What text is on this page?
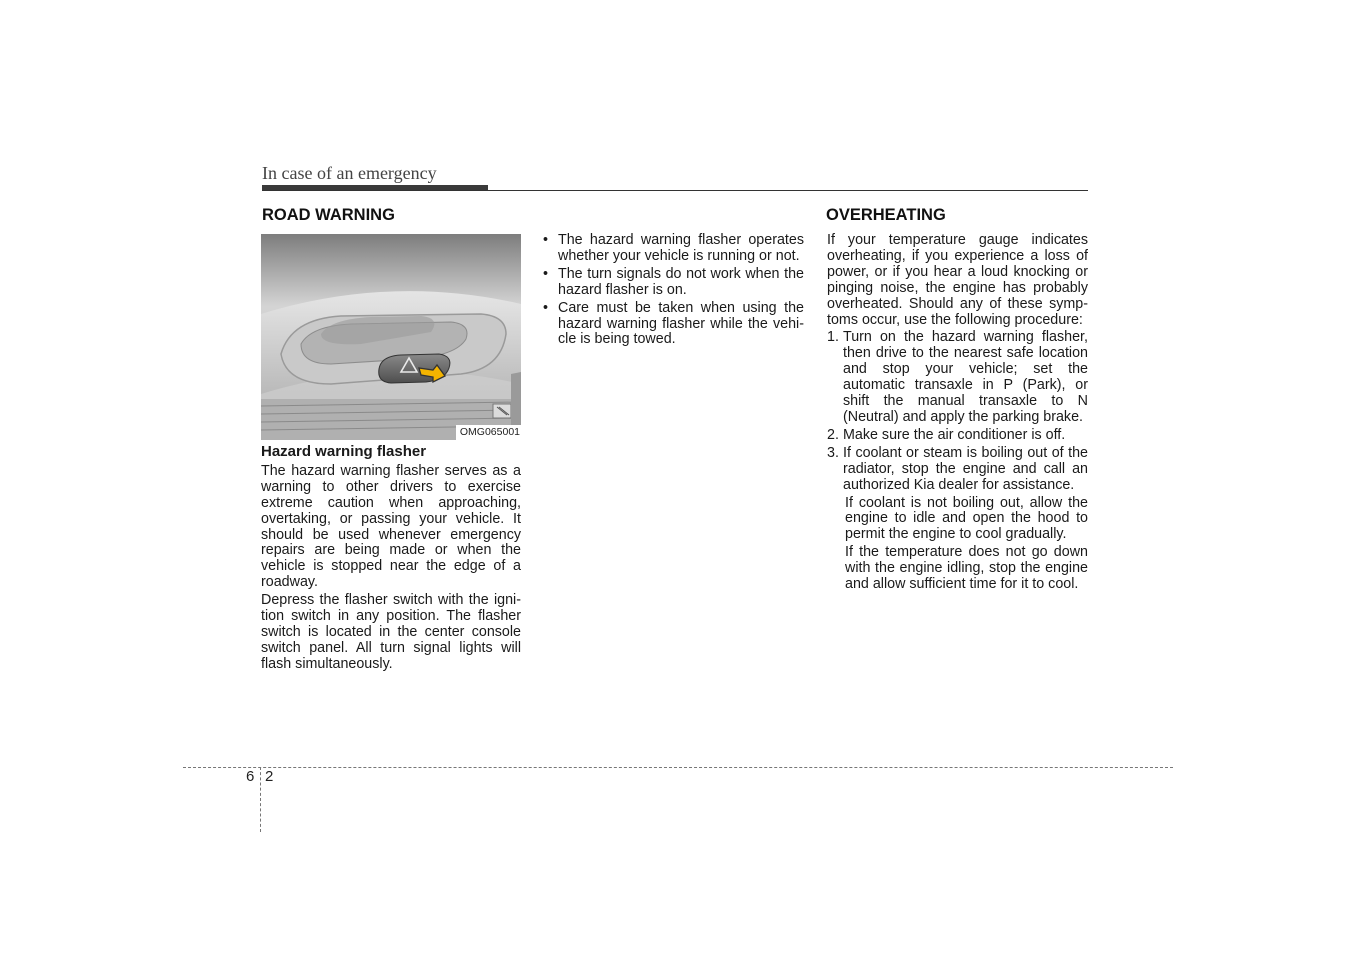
In case of an emergency
ROAD WARNING
OMG065001

Hazard warning flasher

The hazard warning flasher serves as a warning to other drivers to exercise extreme caution when approaching, overtaking, or passing your vehicle. It should be used whenever emergency repairs are being made or when the vehicle is stopped near the edge of a roadway.

Depress the flasher switch with the ignition switch in any position. The flasher switch is located in the center console switch panel. All turn signal lights will flash simultaneously.

• The hazard warning flasher operates whether your vehicle is running or not.
• The turn signals do not work when the hazard flasher is on.
• Care must be taken when using the hazard warning flasher while the vehicle is being towed.
OVERHEATING

If your temperature gauge indicates overheating, if you experience a loss of power, or if you hear a loud knocking or pinging noise, the engine has probably overheated. Should any of these symptoms occur, use the following procedure:

1. Turn on the hazard warning flasher, then drive to the nearest safe location and stop your vehicle; set the automatic transaxle in P (Park), or shift the manual transaxle to N (Neutral) and apply the parking brake.
2. Make sure the air conditioner is off.
3. If coolant or steam is boiling out of the radiator, stop the engine and call an authorized Kia dealer for assistance.

If coolant is not boiling out, allow the engine to idle and open the hood to permit the engine to cool gradually.

If the temperature does not go down with the engine idling, stop the engine and allow sufficient time for it to cool.

6 2
